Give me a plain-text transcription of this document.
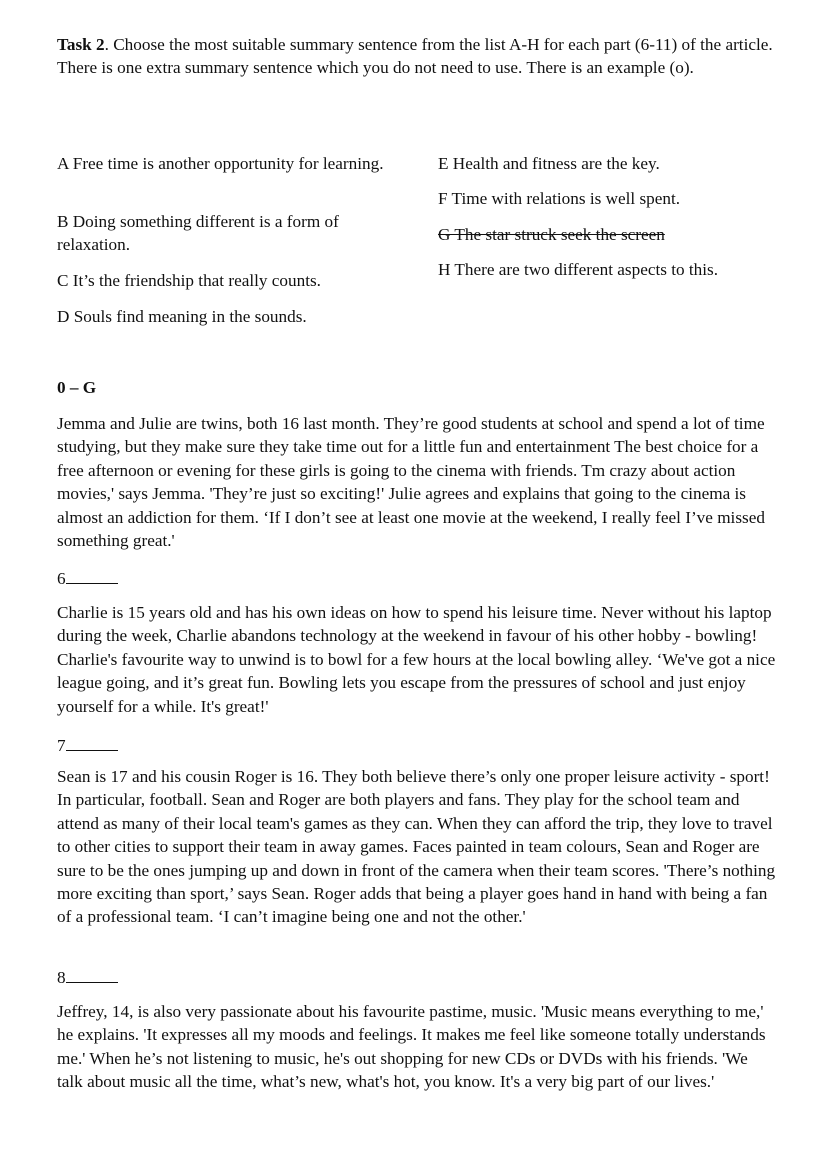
Task 2. Choose the most suitable summary sentence from the list A-H for each part (6-11) of the article. There is one extra summary sentence which you do not need to use. There is an example (o).

A Free time is another opportunity for learning.

B Doing something different is a form of relaxation.

C It’s the friendship that really counts.

D Souls find meaning in the sounds.

E Health and fitness are the key.

F Time with relations is well spent.

G The star struck seek the screen

H There are two different aspects to this.

0 – G

Jemma and Julie are twins, both 16 last month. They’re good students at school and spend a lot of time studying, but they make sure they take time out for a little fun and entertainment The best choice for a free afternoon or evening for these girls is going to the cinema with friends. Tm crazy about action movies,' says Jemma. 'They’re just so exciting!' Julie agrees and explains that going to the cinema is almost an addiction for them. ‘If I don’t see at least one movie at the weekend, I really feel I’ve missed something great.'

6

Charlie is 15 years old and has his own ideas on how to spend his leisure time. Never without his laptop during the week, Charlie abandons technology at the weekend in favour of his other hobby - bowling! Charlie's favourite way to unwind is to bowl for a few hours at the local bowling alley. ‘We've got a nice league going, and it’s great fun. Bowling lets you escape from the pressures of school and just enjoy yourself for a while. It's great!'

7

Sean is 17 and his cousin Roger is 16. They both believe there’s only one proper leisure activity - sport! In particular, football. Sean and Roger are both players and fans. They play for the school team and attend as many of their local team's games as they can. When they can afford the trip, they love to travel to other cities to support their team in away games. Faces painted in team colours, Sean and Roger are sure to be the ones jumping up and down in front of the camera when their team scores. 'There’s nothing more exciting than sport,’ says Sean. Roger adds that being a player goes hand in hand with being a fan of a professional team. ‘I can’t imagine being one and not the other.'

8

Jeffrey, 14, is also very passionate about his favourite pastime, music. 'Music means everything to me,' he explains. 'It expresses all my moods and feelings. It makes me feel like someone totally understands me.' When he’s not listening to music, he's out shopping for new CDs or DVDs with his friends. 'We talk about music all the time, what’s new, what's hot, you know. It's a very big part of our lives.'
